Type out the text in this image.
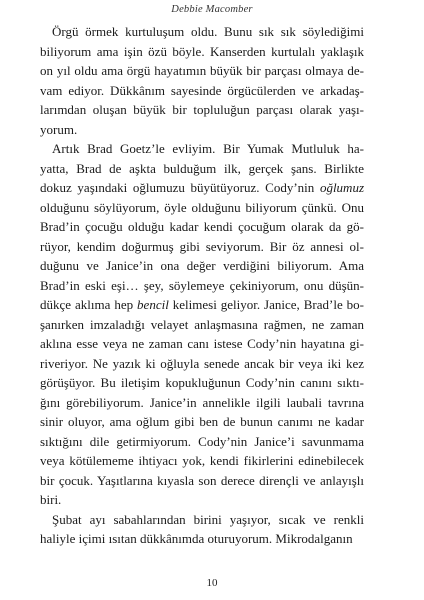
Debbie Macomber
Örgü örmek kurtuluşum oldu. Bunu sık sık söylediğimi
biliyorum ama işin özü böyle. Kanserden kurtulalı yaklaşık
on yıl oldu ama örgü hayatımın büyük bir parçası olmaya de-
vam ediyor. Dükkânım sayesinde örgücülerden ve arkadaş-
larımdan oluşan büyük bir topluluğun parçası olarak yaşı-
yorum.
Artık Brad Goetz’le evliyim. Bir Yumak Mutluluk ha-
yatta, Brad de aşkta bulduğum ilk, gerçek şans. Birlikte
dokuz yaşındaki oğlumuzu büyütüyoruz. Cody’nin oğlumuz
olduğunu söylüyorum, öyle olduğunu biliyorum çünkü. Onu
Brad’in çocuğu olduğu kadar kendi çocuğum olarak da gö-
rüyor, kendim doğurmuş gibi seviyorum. Bir öz annesi ol-
duğunu ve Janice’in ona değer verdiğini biliyorum. Ama
Brad’in eski eşi… şey, söylemeye çekiniyorum, onu düşün-
dükçe aklıma hep bencil kelimesi geliyor. Janice, Brad’le bo-
şanırken imzaladığı velayet anlaşmasına rağmen, ne zaman
aklına esse veya ne zaman canı istese Cody’nin hayatına gi-
riveriyor. Ne yazık ki oğluyla senede ancak bir veya iki kez
görüşüyor. Bu iletişim kopukluğunun Cody’nin canını sıktı-
ğını görebiliyorum. Janice’in annelikle ilgili laubali tavrına
sinir oluyor, ama oğlum gibi ben de bunun canımı ne kadar
sıktığını dile getirmiyorum. Cody’nin Janice’i savunmama
veya kötülememe ihtiyacı yok, kendi fikirlerini edinebilecek
bir çocuk. Yaşıtlarına kıyasla son derece dirençli ve anlayışlı
biri.
Şubat ayı sabahlarından birini yaşıyor, sıcak ve renkli
haliyle içimi ısıtan dükkânımda oturuyorum. Mikrodalganın
10
